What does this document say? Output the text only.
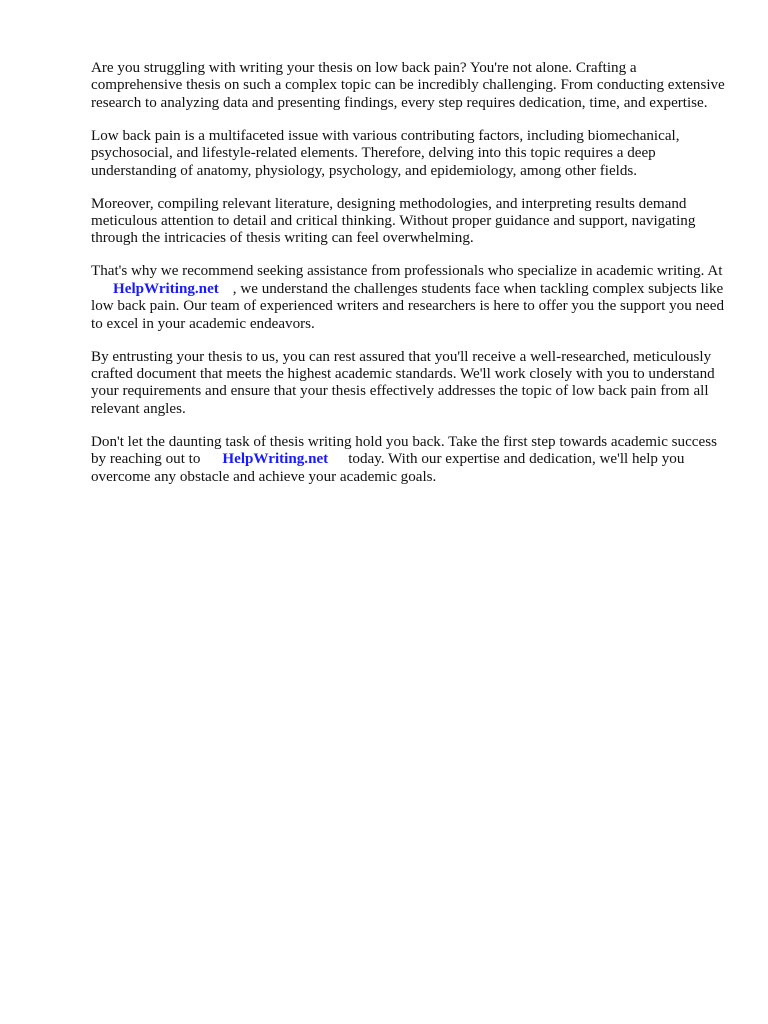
Are you struggling with writing your thesis on low back pain? You're not alone. Crafting a comprehensive thesis on such a complex topic can be incredibly challenging. From conducting extensive research to analyzing data and presenting findings, every step requires dedication, time, and expertise.

Low back pain is a multifaceted issue with various contributing factors, including biomechanical, psychosocial, and lifestyle-related elements. Therefore, delving into this topic requires a deep understanding of anatomy, physiology, psychology, and epidemiology, among other fields.

Moreover, compiling relevant literature, designing methodologies, and interpreting results demand meticulous attention to detail and critical thinking. Without proper guidance and support, navigating through the intricacies of thesis writing can feel overwhelming.

That's why we recommend seeking assistance from professionals who specialize in academic writing. AtHelpWriting.net , we understand the challenges students face when tackling complex subjects like low back pain. Our team of experienced writers and researchers is here to offer you the support you need to excel in your academic endeavors.

By entrusting your thesis to us, you can rest assured that you'll receive a well-researched, meticulously crafted document that meets the highest academic standards. We'll work closely with you to understand your requirements and ensure that your thesis effectively addresses the topic of low back pain from all relevant angles.

Don't let the daunting task of thesis writing hold you back. Take the first step towards academic success by reaching out to HelpWriting.net today. With our expertise and dedication, we'll help you overcome any obstacle and achieve your academic goals.
